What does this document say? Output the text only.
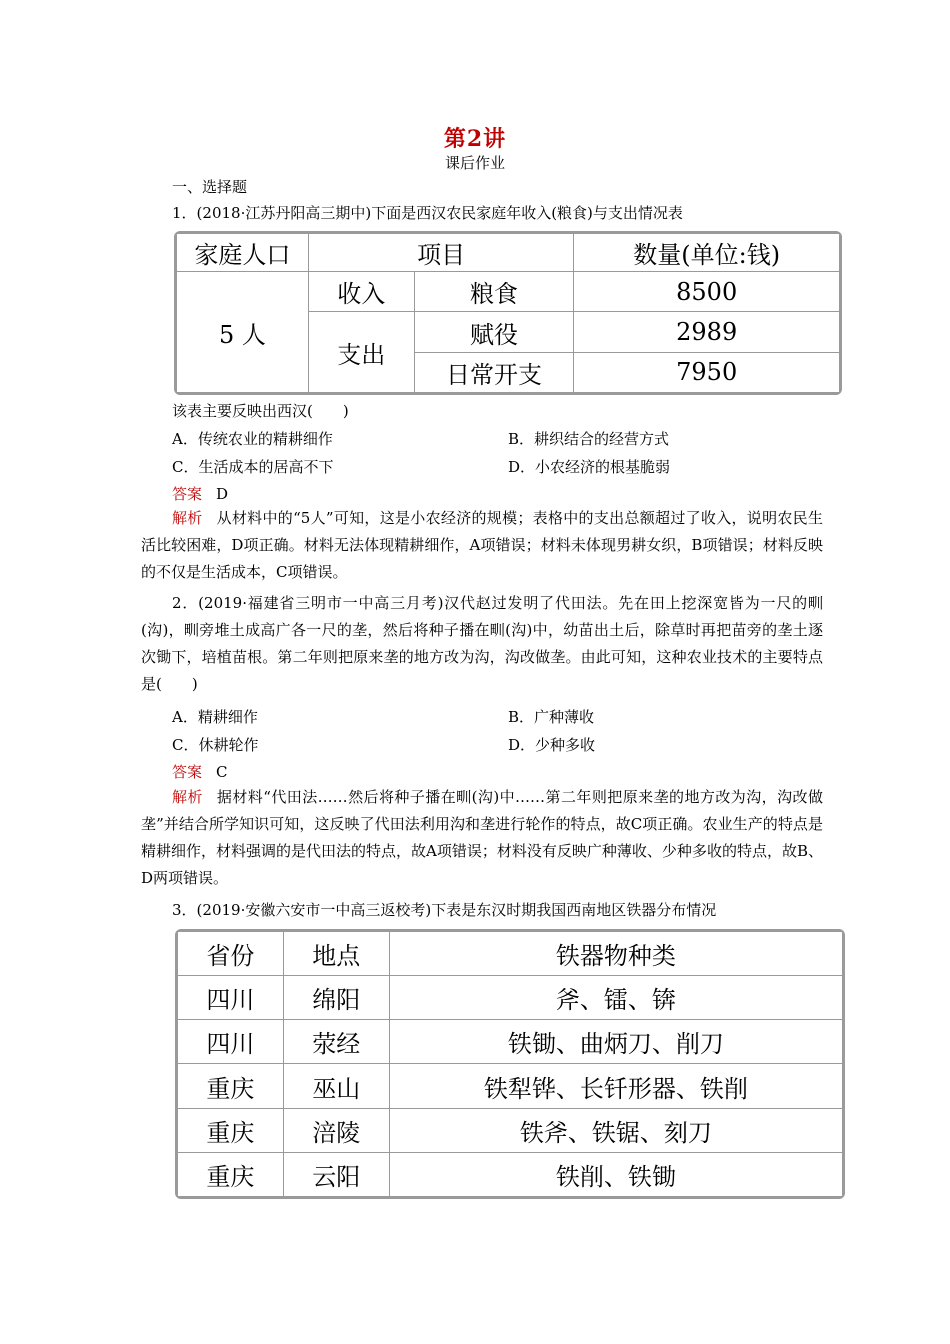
第2讲
课后作业
一、选择题
1．(2018·江苏丹阳高三期中)下面是西汉农民家庭年收入(粮食)与支出情况表
家庭人口	项目		数量(单位:钱)
5 人	收入	粮食	8500
	支出	赋役	2989
		日常开支	7950
该表主要反映出西汉(　　)
A．传统农业的精耕细作	B．耕织结合的经营方式
C．生活成本的居高不下	D．小农经济的根基脆弱
答案 D
解析 从材料中的“5人”可知，这是小农经济的规模；表格中的支出总额超过了收入，说明农民生活比较困难，D项正确。材料无法体现精耕细作，A项错误；材料未体现男耕女织，B项错误；材料反映的不仅是生活成本，C项错误。
2．(2019·福建省三明市一中高三月考)汉代赵过发明了代田法。先在田上挖深宽皆为一尺的甽(沟)，甽旁堆土成高广各一尺的垄，然后将种子播在甽(沟)中，幼苗出土后，除草时再把苗旁的垄土逐次锄下，培植苗根。第二年则把原来垄的地方改为沟，沟改做垄。由此可知，这种农业技术的主要特点是(　　)
A．精耕细作	B．广种薄收
C．休耕轮作	D．少种多收
答案 C
解析 据材料“代田法……然后将种子播在甽(沟)中……第二年则把原来垄的地方改为沟，沟改做垄”并结合所学知识可知，这反映了代田法利用沟和垄进行轮作的特点，故C项正确。农业生产的特点是精耕细作，材料强调的是代田法的特点，故A项错误；材料没有反映广种薄收、少种多收的特点，故B、D两项错误。
3．(2019·安徽六安市一中高三返校考)下表是东汉时期我国西南地区铁器分布情况
省份	地点	铁器物种类
四川	绵阳	斧、镭、锛
四川	荥经	铁锄、曲炳刀、削刀
重庆	巫山	铁犁铧、长钎形器、铁削
重庆	涪陵	铁斧、铁锯、刻刀
重庆	云阳	铁削、铁锄
